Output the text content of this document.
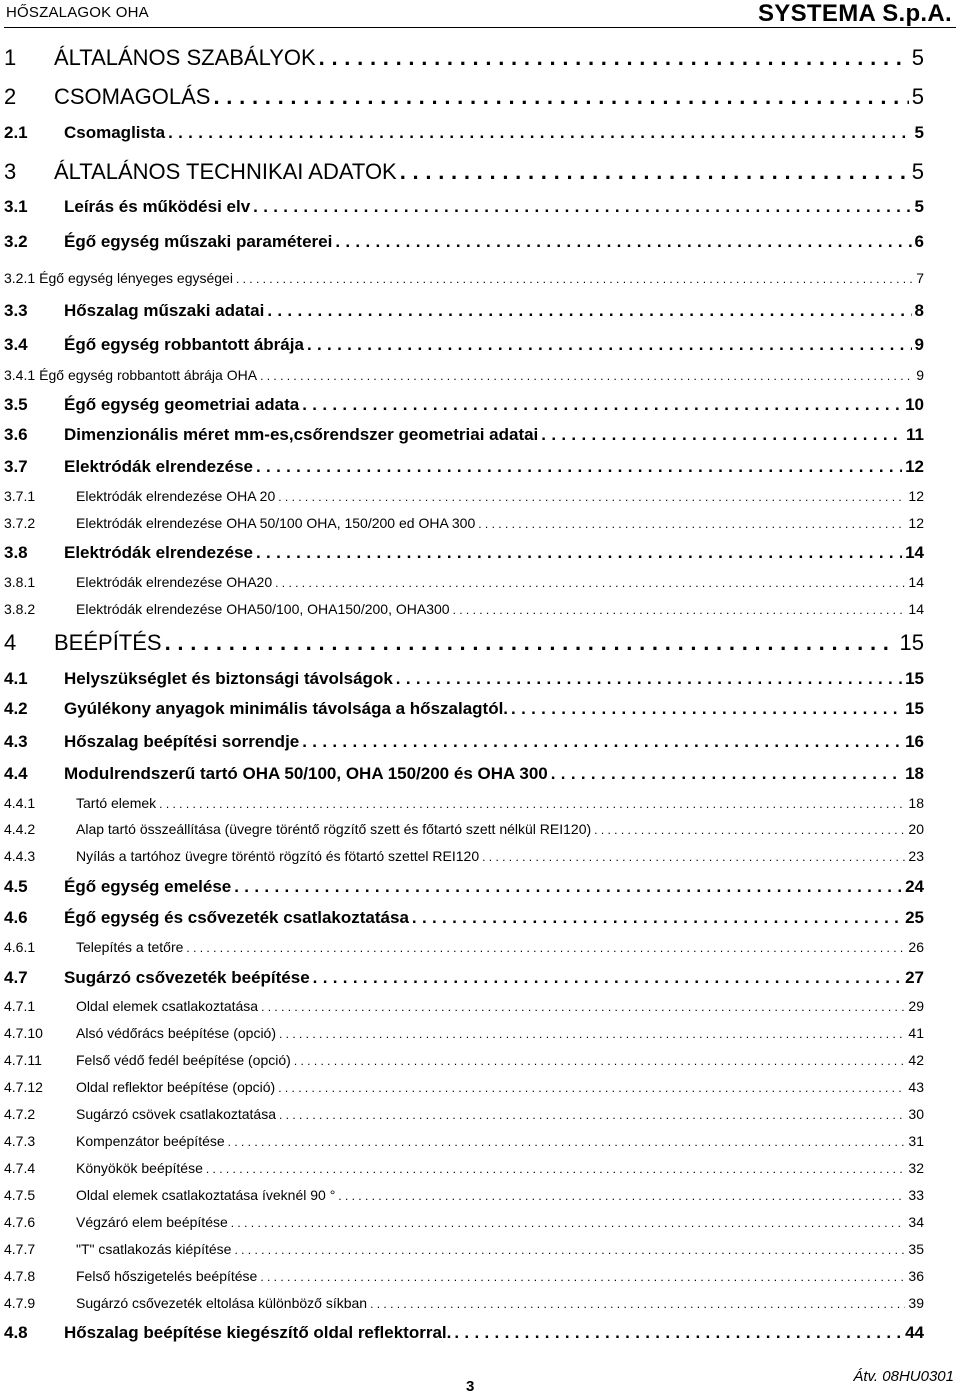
HŐSZALAGOK OHA	SYSTEMA S.p.A.
1	ÁLTALÁNOS SZABÁLYOK . . .	5
2	CSOMAGOLÁS . . .	5
2.1	Csomaglista . . .	5
3	ÁLTALÁNOS TECHNIKAI ADATOK . . .	5
3.1	Leírás és működési elv . . .	5
3.2	Égő egység műszaki paraméterei . . .	6
3.2.1 Égő egység lényeges egységei . . .	7
3.3	Hőszalag műszaki adatai . . .	8
3.4	Égő egység robbantott ábrája . . .	9
3.4.1 Égő egység robbantott ábrája OHA . . .	9
3.5	Égő egység geometriai adata . . .	10
3.6	Dimenzionális méret mm-es,csőrendszer geometriai adatai . . .	11
3.7	Elektródák elrendezése . . .	12
3.7.1	Elektródák elrendezése OHA 20 . . .	12
3.7.2	Elektródák elrendezése OHA 50/100 OHA, 150/200 ed OHA 300 . . .	12
3.8	Elektródák elrendezése . . .	14
3.8.1	Elektródák elrendezése OHA20 . . .	14
3.8.2	Elektródák elrendezése OHA50/100, OHA150/200, OHA300 . . .	14
4	BEÉPÍTÉS . . .	15
4.1	Helyszükséglet és biztonsági távolságok . . .	15
4.2	Gyúlékony anyagok minimális távolsága a hőszalagtól. . . .	15
4.3	Hőszalag beépítési sorrendje . . .	16
4.4	Modulrendszerű tartó OHA 50/100, OHA 150/200 és OHA 300 . . .	18
4.4.1	Tartó elemek . . .	18
4.4.2	Alap tartó összeállítása (üvegre töréntő rögzítő szett és főtartó szett nélkül REI120) . . .	20
4.4.3	Nyílás a tartóhoz üvegre töréntö rögzító és fötartó szettel REI120 . . .	23
4.5	Égő egység emelése . . .	24
4.6	Égő egység és csővezeték csatlakoztatása . . .	25
4.6.1	Telepítés a tetőre . . .	26
4.7	Sugárzó csővezeték beépítése . . .	27
4.7.1	Oldal elemek csatlakoztatása . . .	29
4.7.10	Alsó védőrács beépítése (opció) . . .	41
4.7.11	Felső védő fedél beépítése (opció) . . .	42
4.7.12	Oldal reflektor beépítése (opció) . . .	43
4.7.2	Sugárzó csövek csatlakoztatása . . .	30
4.7.3	Kompenzátor beépítése . . .	31
4.7.4	Könyökök beépítése . . .	32
4.7.5	Oldal elemek csatlakoztatása íveknél 90 ° . . .	33
4.7.6	Végzáró elem beépítése . . .	34
4.7.7	"T" csatlakozás kiépítése . . .	35
4.7.8	Felső hőszigetelés beépítése . . .	36
4.7.9	Sugárzó csővezeték eltolása különböző síkban . . .	39
4.8	Hőszalag beépítése kiegészítő oldal reflektorral. . . .	44
3
Átv. 08HU0301
